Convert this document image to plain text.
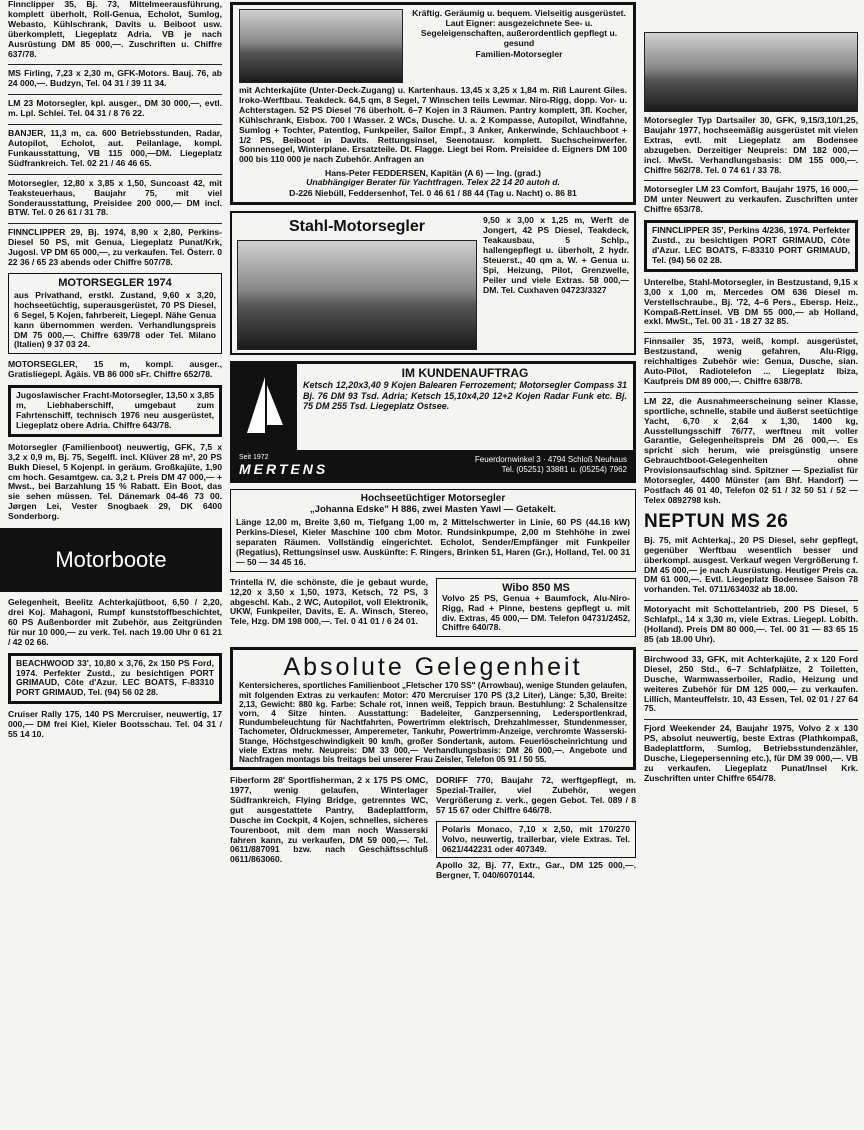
Finnclipper 35, Bj. 73, Mittelmeerausführung, komplett überholt, Roll-Genua, Echolot, Sumlog, Webasto, Kühlschrank, Davits u. Beiboot usw. überkomplett, Liegeplatz Adria. VB je nach Ausrüstung DM 85 000,—. Zuschriften u. Chiffre 637/78.

MS Firling, 7,23 x 2,30 m, GFK-Motors. Bauj. 76, ab 24 000,—. Budzyn, Tel. 04 31 / 39 11 34.

LM 23 Motorsegler, kpl. ausger., DM 30 000,—, evtl. m. Lpl. Schlei. Tel. 04 31 / 8 76 22.

BANJER, 11,3 m, ca. 600 Betriebsstunden, Radar, Autopilot, Echolot, aut. Peilanlage, kompl. Funkausstattung, VB 115 000,—DM. Liegeplatz Südfrankreich. Tel. 02 21 / 46 46 65.

Motorsegler, 12,80 x 3,85 x 1,50, Suncoast 42, mit Teaksteuerhaus, Baujahr 75, mit viel Sonderausstattung, Preisidee 200 000,— DM incl. BTW. Tel. 0 26 61 / 31 78.

FINNCLIPPER 29, Bj. 1974, 8,90 x 2,80, Perkins-Diesel 50 PS, mit Genua, Liegeplatz Punat/Krk, Jugosl. VP DM 65 000,—, zu verkaufen. Tel. Österr. 0 22 36 / 65 23 abends oder Chiffre 507/78.

MOTORSEGLER 1974

aus Privathand, erstkl. Zustand, 9,60 x 3,20, hochseetüchtig, superausgerüstet, 70 PS Diesel, 6 Segel, 5 Kojen, fahrbereit, Liegepl. Nähe Genua kann übernommen werden. Verhandlungspreis DM 75 000,—. Chiffre 639/78 oder Tel. Milano (Italien) 9 37 03 24.

MOTORSEGLER, 15 m, kompl. ausger., Gratisliegepl. Ägäis. VB 86 000 sFr. Chiffre 652/78.

Jugoslawischer Fracht-Motorsegler, 13,50 x 3,85 m, Liebhaberschiff, umgebaut zum Fahrtenschiff, technisch 1976 neu ausgerüstet, Liegeplatz obere Adria. Chiffre 643/78.

Motorsegler (Familienboot) neuwertig, GFK, 7,5 x 3,2 x 0,9 m, Bj. 75, Segelfl. incl. Klüver 28 m², 20 PS Bukh Diesel, 5 Kojenpl. in geräum. Großkajüte, 1,90 cm hoch. Gesamtgew. ca. 3,2 t. Preis DM 47 000,— + Mwst., bei Barzahlung 15 % Rabatt. Ein Boot, das sie sehen müssen. Tel. Dänemark 04-46 73 00. Jørgen Lei, Vester Snogbaek 29, DK 6400 Sonderborg.

Motorboote

Gelegenheit, Beelitz Achterkajütboot, 6,50 / 2,20, drei Koj. Mahagoni, Rumpf kunststoffbeschichtet, 60 PS Außenborder mit Zubehör, aus Zeitgründen für nur 10 000,— zu verk. Tel. nach 19.00 Uhr 0 61 21 / 42 02 66.

BEACHWOOD 33', 10,80 x 3,76, 2x 150 PS Ford, 1974. Perfekter Zustd., zu besichtigen PORT GRIMAUD, Côte d'Azur. LEC BOATS, F-83310 PORT GRIMAUD, Tel. (94) 56 02 28.

Cruiser Rally 175, 140 PS Mercruiser, neuwertig, 17 000,— DM frei Kiel, Kieler Bootsschau. Tel. 04 31 / 55 14 10.

Kräftig. Geräumig u. bequem. Vielseitig ausgerüstet. Laut Eigner: ausgezeichnete See- u. Segeleigenschaften, außerordentlich gepflegt u. gesund

Familien-Motorsegler

mit Achterkajüte (Unter-Deck-Zugang) u. Kartenhaus. 13,45 x 3,25 x 1,84 m. Riß Laurent Giles. Iroko-Werftbau. Teakdeck. 64,5 qm, 8 Segel, 7 Winschen teils Lewmar. Niro-Rigg, dopp. Vor- u. Achterstagen. 52 PS Diesel '76 überholt. 6–7 Kojen in 3 Räumen. Pantry komplett, 3fl. Kocher, Kühlschrank, Eisbox. 700 l Wasser. 2 WCs, Dusche. U. a. 2 Kompasse, Autopilot, Windfahne, Sumlog + Tochter, Patentlog, Funkpeiler, Sailor Empf., 3 Anker, Ankerwinde, Schlauchboot + 1/2 PS, Beiboot in Davits. Rettungsinsel, Seenotausr. komplett. Suchscheinwerfer. Sonnensegel, Winterplane. Ersatzteile. Dt. Flagge. Liegt bei Rom. Preisidee d. Eigners DM 100 000 bis 110 000 je nach Zubehör. Anfragen an

Hans-Peter FEDDERSEN, Kapitän (A 6) — Ing. (grad.)
Unabhängiger Berater für Yachtfragen. Telex 22 14 20 autoh d.
D-226 Niebüll, Feddersenhof, Tel. 0 46 61 / 88 44 (Tag u. Nacht) o. 86 81
Stahl-Motorsegler	9,50 x 3,00 x 1,25 m, Werft de Jongert, 42 PS Diesel, Teakdeck, Teakausbau, 5 Schlp., hallengepflegt u. überholt, 2 hydr. Steuerst., 40 qm a. W. + Genua u. Spi, Heizung, Pilot, Grenzwelle, Peiler und viele Extras. 58 000,— DM. Tel. Cuxhaven 04723/3327

IM KUNDENAUFTRAG

Ketsch 12,20x3,40 9 Kojen Balearen Ferrozement; Motorsegler Compass 31 Bj. 76 DM 93 Tsd. Adria; Ketsch 15,10x4,20 12+2 Kojen Radar Funk etc. Bj. 75 DM 255 Tsd. Liegeplatz Ostsee.

Seit 1972
MERTENS
Feuerdornwinkel 3 · 4794 Schloß Neuhaus
Tel. (05251) 33881 u. (05254) 7962
Hochseetüchtiger Motorsegler
„Johanna Edske" H 886, zwei Masten Yawl — Getakelt.

Länge 12,00 m, Breite 3,60 m, Tiefgang 1,00 m, 2 Mittelschwerter in Linie, 60 PS (44.16 kW) Perkins-Diesel, Kieler Maschine 100 cbm Motor. Rundsinkpumpe, 2,00 m Stehhöhe in zwei separaten Räumen. Vollständig eingerichtet. Echolot, Sender/Empfänger mit Funkpeiler (Regatius), Rettungsinsel usw. Auskünfte: F. Ringers, Brinken 51, Haren (Gr.), Holland, Tel. 00 31 — 50 — 34 45 16.

Trintella IV, die schönste, die je gebaut wurde, 12,20 x 3,50 x 1,50, 1973, Ketsch, 72 PS, 3 abgeschl. Kab., 2 WC, Autopilot, voll Elektronik, UKW, Funkpeiler, Davits, E. A. Winsch, Stereo, Tele, Hzg. DM 198 000,—. Tel. 0 41 01 / 6 24 01.

Wibo 850 MS

Volvo 25 PS, Genua + Baumfock, Alu-Niro-Rigg, Rad + Pinne, bestens gepflegt u. mit div. Extras, 45 000,— DM. Telefon 04731/2452, Chiffre 640/78.

Absolute Gelegenheit

Kentersicheres, sportliches Familienboot „Fletscher 170 SS" (Arrowbau), wenige Stunden gelaufen, mit folgenden Extras zu verkaufen: Motor: 470 Mercruiser 170 PS (3,2 Liter), Länge: 5,30, Breite: 2,13, Gewicht: 880 kg. Farbe: Schale rot, innen weiß, Teppich braun. Bestuhlung: 2 Schalensitze vorn, 4 Sitze hinten. Ausstattung: Badeleiter, Ganzpersenning, Ledersportlenkrad, Rundumbeleuchtung für Nachtfahrten, Powertrimm elektrisch, Drehzahlmesser, Stundenmesser, Tachometer, Öldruckmesser, Amperemeter, Tankuhr, Powertrimm-Anzeige, verchromte Wasserski-Stange, Höchstgeschwindigkeit 90 km/h, großer Sondertank, autom. Feuerlöscheinrichtung und viele Extras mehr. Neupreis: DM 33 000,— Verhandlungsbasis: DM 26 000,—. Angebote und Nachfragen montags bis freitags bei unserer Frau Zeisler, Telefon 05 91 / 50 55.

Fiberform 28' Sportfisherman, 2 x 175 PS OMC, 1977, wenig gelaufen, Winterlager Südfrankreich, Flying Bridge, getrenntes WC, gut ausgestattete Pantry, Badeplattform, Dusche im Cockpit, 4 Kojen, schnelles, sicheres Tourenboot, mit dem man noch Wasserski fahren kann, zu verkaufen, DM 59 000,—. Tel. 0611/887091 bzw. nach Geschäftsschluß 0611/863060.

DORIFF 770, Baujahr 72, werftgepflegt, m. Spezial-Trailer, viel Zubehör, wegen Vergrößerung z. verk., gegen Gebot. Tel. 089 / 8 57 15 67 oder Chiffre 646/78.

Polaris Monaco, 7,10 x 2,50, mit 170/270 Volvo, neuwertig, trailerbar, viele Extras. Tel. 0621/442231 oder 407349.

Apollo 32, Bj. 77, Extr., Gar., DM 125 000,—. Bergner, T. 040/6070144.

Motorsegler Typ Dartsailer 30, GFK, 9,15/3,10/1,25, Baujahr 1977, hochseemäßig ausgerüstet mit vielen Extras, evtl. mit Liegeplatz am Bodensee abzugeben. Derzeitiger Neupreis: DM 182 000,— incl. MwSt. Verhandlungsbasis: DM 155 000,—. Chiffre 562/78. Tel. 0 74 61 / 33 78.

Motorsegler LM 23 Comfort, Baujahr 1975, 16 000,— DM unter Neuwert zu verkaufen. Zuschriften unter Chiffre 653/78.

FINNCLIPPER 35', Perkins 4/236, 1974. Perfekter Zustd., zu besichtigen PORT GRIMAUD, Côte d'Azur. LEC BOATS, F-83310 PORT GRIMAUD, Tel. (94) 56 02 28.

Unterelbe, Stahl-Motorsegler, in Bestzustand, 9,15 x 3,00 x 1,00 m, Mercedes OM 636 Diesel m. Verstellschraube., Bj. '72, 4–6 Pers., Ebersp. Heiz., Kompaß-Rett.insel. VB DM 55 000,— ab Holland, exkl. MwSt., Tel. 00 31 - 18 27 32 85.

Finnsailer 35, 1973, weiß, kompl. ausgerüstet, Bestzustand, wenig gefahren, Alu-Rigg, reichhaltiges Zubehör wie: Genua, Dusche, sian. Auto-Pilot, Radiotelefon ... Liegeplatz Ibiza, Kaufpreis DM 89 000,—. Chiffre 638/78.

LM 22, die Ausnahmeerscheinung seiner Klasse, sportliche, schnelle, stabile und äußerst seetüchtige Yacht, 6,70 x 2,64 x 1,30, 1400 kg, Ausstellungsschiff 76/77, werftneu mit voller Garantie, Gelegenheitspreis DM 26 000,—. Es spricht sich herum, wie preisgünstig unsere Gebrauchtboot-Gelegenheiten ohne Provisionsaufschlag sind. Spitzner — Spezialist für Motorsegler, 4400 Münster (am Bhf. Handorf) — Postfach 46 01 40, Telefon 02 51 / 32 50 51 / 52 — Telex 0892798 ksh.

NEPTUN MS 26

Bj. 75, mit Achterkaj., 20 PS Diesel, sehr gepflegt, gegenüber Werftbau wesentlich besser und überkompl. ausgest. Verkauf wegen Vergrößerung f. DM 45 000,— je nach Ausrüstung. Heutiger Preis ca. DM 61 000,—. Evtl. Liegeplatz Bodensee Saison 78 vorhanden. Tel. 0711/634032 ab 18.00.

Motoryacht mit Schottelantrieb, 200 PS Diesel, 5 Schlafpl., 14 x 3,30 m, viele Extras. Liegepl. Lobith. (Holland). Preis DM 80 000,—. Tel. 00 31 — 83 65 15 85 (ab 18.00 Uhr).

Birchwood 33, GFK, mit Achterkajüte, 2 x 120 Ford Diesel, 250 Std., 6–7 Schlafplätze, 2 Toiletten, Dusche, Warmwasserboiler, Radio, Heizung und weiteres Zubehör für DM 125 000,— zu verkaufen. Lillich, Manteuffelstr. 10, 43 Essen, Tel. 02 01 / 27 64 75.

Fjord Weekender 24, Baujahr 1975, Volvo 2 x 130 PS, absolut neuwertig, beste Extras (Plathkompaß, Badeplattform, Sumlog, Betriebsstundenzähler, Dusche, Liegepersenning etc.), für DM 39 000,—. VB zu verkaufen. Liegeplatz Punat/Insel Krk. Zuschriften unter Chiffre 654/78.
